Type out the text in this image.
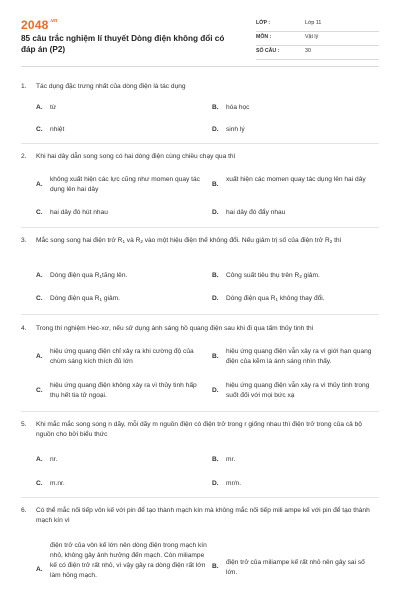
$2048^{.vn}$
85 câu trắc nghiệm lí thuyết Dòng điện không đổi có đáp án (P2)
LỚP :	Lớp 11
MÔN :	Vật lý
SỐ CÂU :	30
1. Tác dụng đặc trưng nhất của dòng điện là tác dụng
A. từ	B. hóa học
C. nhiệt	D. sinh lý
2. Khi hai dây dẫn song song có hai dòng điện cùng chiều chạy qua thì
A.
không xuất hiện các lực cũng như momen quay tác dụng lên hai dây
B.
xuất hiện các momen quay tác dụng lên hai dây
C. hai dây đó hút nhau	D. hai dây đó đẩy nhau
3. Mắc song song hai điện trở $R_1$ và $R_2$ vào một hiệu điện thế không đổi. Nếu giảm trị số của điện trở $R_2$ thì
A. Dòng điện qua $R_1tăng$ lên.	B. Công suất tiêu thụ trên $R_2$ giảm.
C. Dòng điện qua $R_1$ giảm.	D. Dòng điện qua $R_1$ không thay đổi.
4. Trong thí nghiệm Hec-xơ, nếu sử dụng ánh sáng hồ quang điện sau khi đi qua tấm thủy tinh thì
A.
hiệu ứng quang điện chỉ xảy ra khi cường độ của chùm sáng kích thích đủ lớn
B.
hiệu ứng quang điện vẫn xảy ra vì giới hạn quang điện của kẽm là ánh sáng nhìn thấy.
C.
hiệu ứng quang điện không xảy ra vì thủy tinh hấp thụ hết tia tử ngoại.
D.
hiệu ứng quang điện vẫn xảy ra vì thủy tinh trong suốt đối với mọi bức xạ
5. Khi mắc mắc song song n dãy, mỗi dãy m nguồn điện có điện trở trong r giống nhau thì điện trở trong của cả bộ nguồn cho bởi biểu thức
A. nr.	B. mr.
C. m.nr.	D. mr/n.
6. Có thể mắc nối tiếp vôn kế với pin để tạo thành mạch kín mà không mắc nối tiếp mili ampe kế với pin để tạo thành mạch kín vì
A.
điện trở của vôn kế lớn nên dòng điện trong mạch kín nhỏ, không gây ảnh hưởng đến mạch. Còn miliampe kế có điện trở rất nhỏ, vì vậy gây ra dòng điện rất lớn làm hỏng mạch.
B.
điện trở của miliampe kế rất nhỏ nên gây sai số lớn.
